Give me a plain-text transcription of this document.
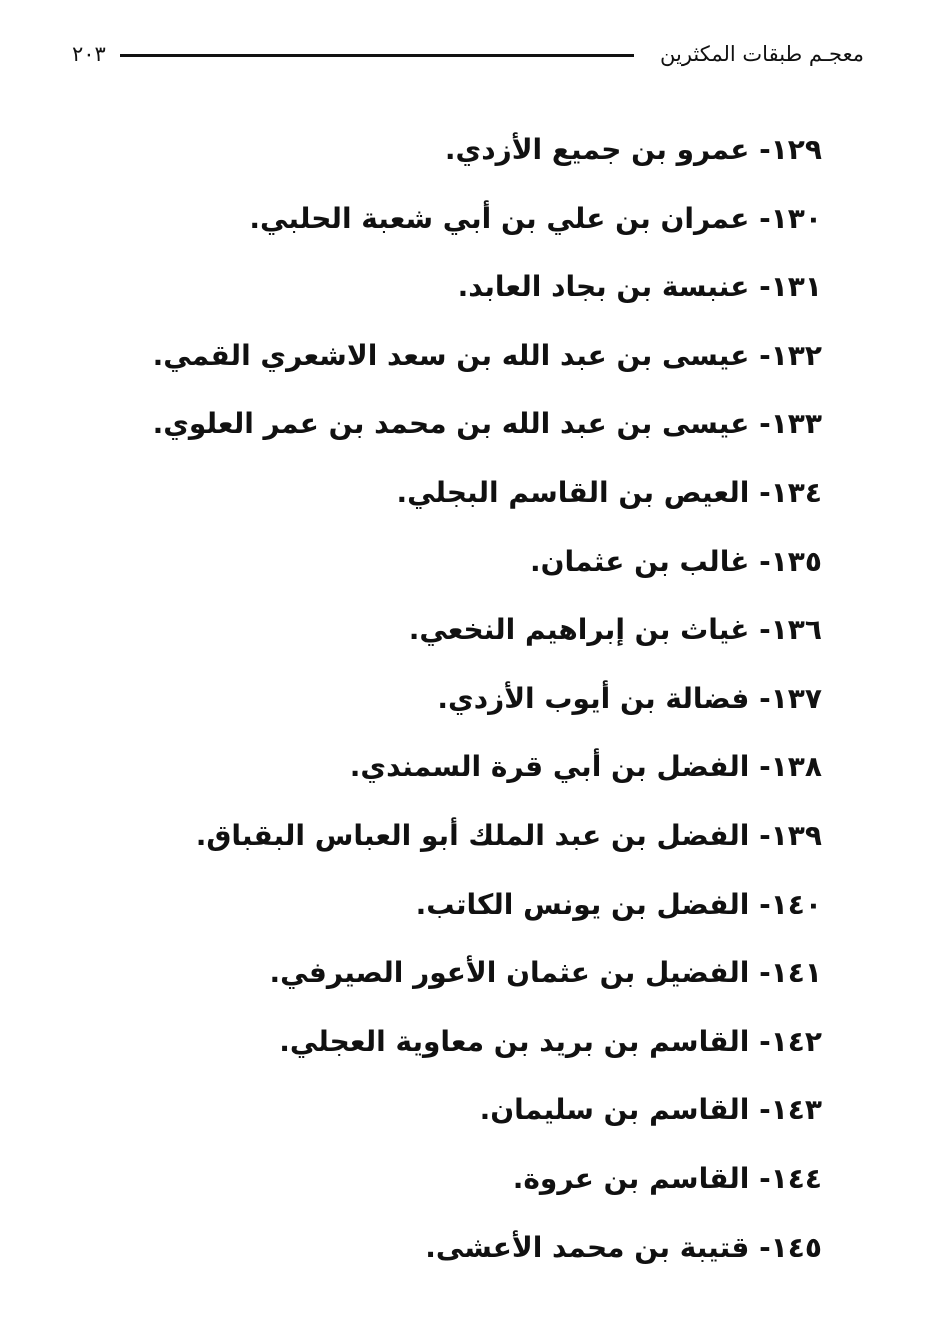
معجـم طبقات المكثرين
٢٠٣
١٢٩- عمرو بن جميع الأزدي.
١٣٠- عمران بن علي بن أبي شعبة الحلبي.
١٣١- عنبسة بن بجاد العابد.
١٣٢- عيسى بن عبد الله بن سعد الاشعري القمي.
١٣٣- عيسى بن عبد الله بن محمد بن عمر العلوي.
١٣٤- العيص بن القاسم البجلي.
١٣٥- غالب بن عثمان.
١٣٦- غياث بن إبراهيم النخعي.
١٣٧- فضالة بن أيوب الأزدي.
١٣٨- الفضل بن أبي قرة السمندي.
١٣٩- الفضل بن عبد الملك أبو العباس البقباق.
١٤٠- الفضل بن يونس الكاتب.
١٤١- الفضيل بن عثمان الأعور الصيرفي.
١٤٢- القاسم بن بريد بن معاوية العجلي.
١٤٣- القاسم بن سليمان.
١٤٤- القاسم بن عروة.
١٤٥- قتيبة بن محمد الأعشى.
